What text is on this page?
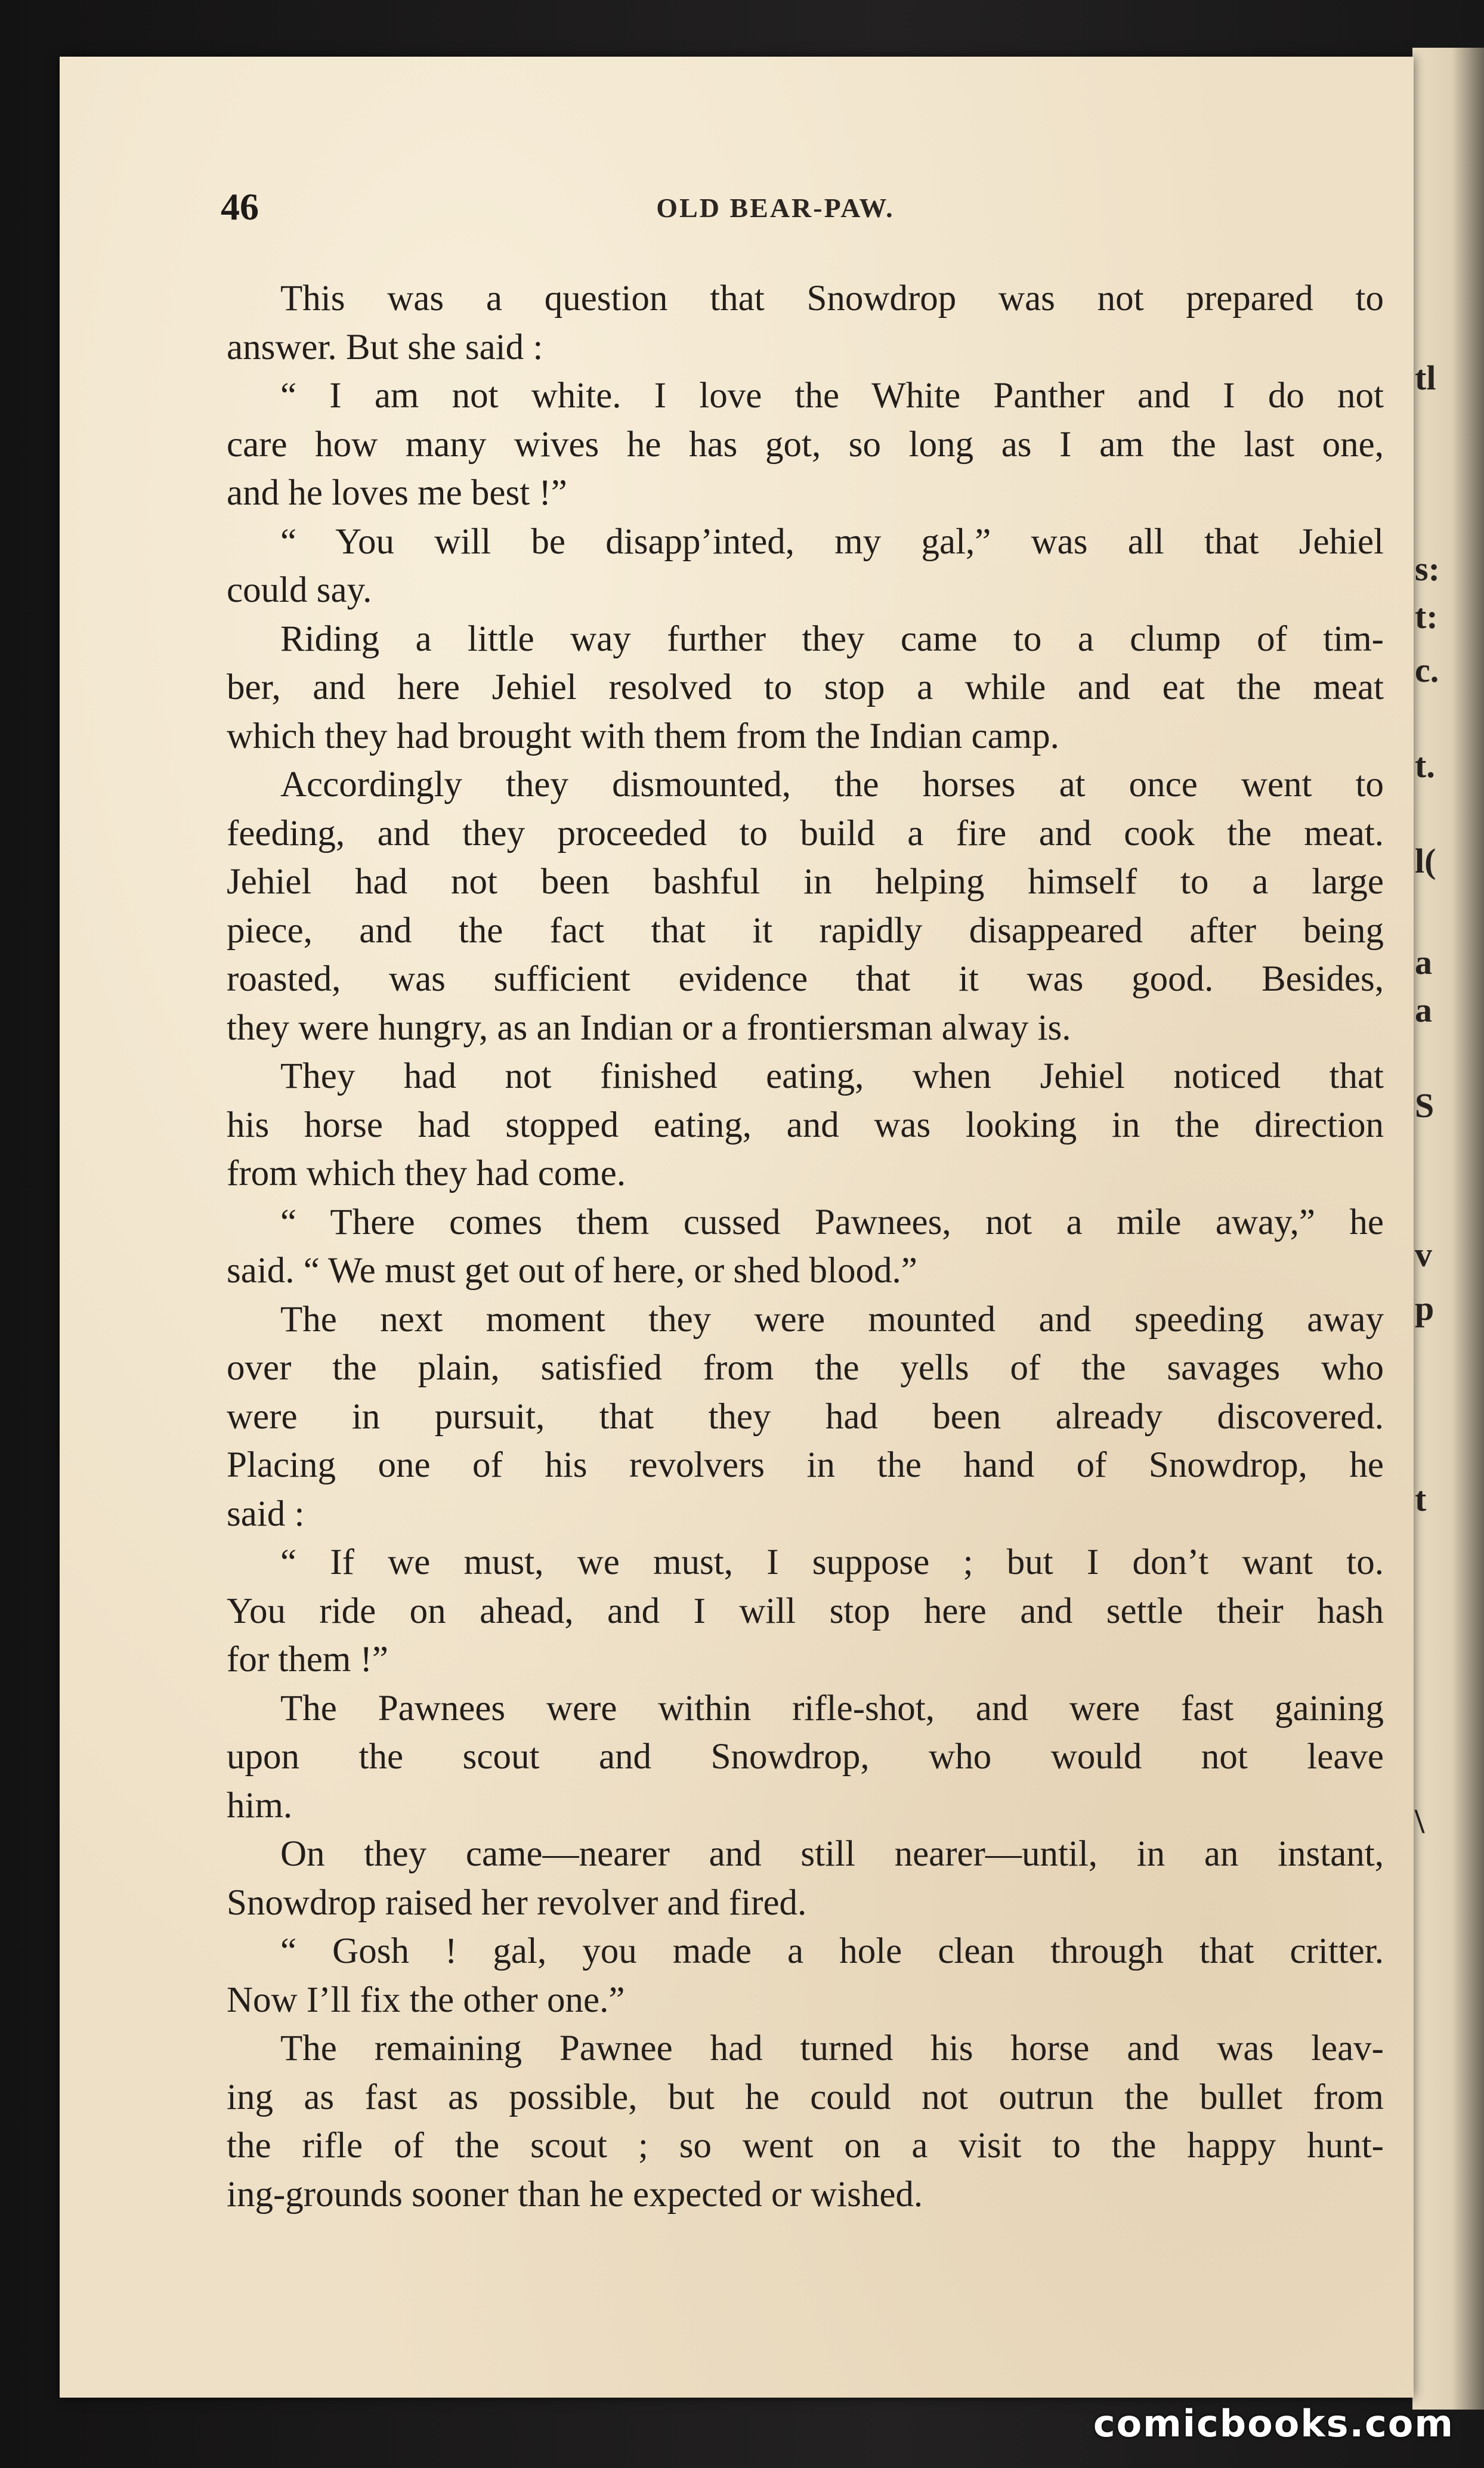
tl
s:
t:
c.
t.
l(
a
a
S
v
p
t
\
46	OLD BEAR-PAW.
This was a question that Snowdrop was not prepared to
answer. But she said :
“ I am not white. I love the White Panther and I do not
care how many wives he has got, so long as I am the last one,
and he loves me best !”
“ You will be disapp’inted, my gal,” was all that Jehiel
could say.
Riding a little way further they came to a clump of tim-
ber, and here Jehiel resolved to stop a while and eat the meat
which they had brought with them from the Indian camp.
Accordingly they dismounted, the horses at once went to
feeding, and they proceeded to build a fire and cook the meat.
Jehiel had not been bashful in helping himself to a large
piece, and the fact that it rapidly disappeared after being
roasted, was sufficient evidence that it was good. Besides,
they were hungry, as an Indian or a frontiersman alway is.
They had not finished eating, when Jehiel noticed that
his horse had stopped eating, and was looking in the direction
from which they had come.
“ There comes them cussed Pawnees, not a mile away,” he
said. “ We must get out of here, or shed blood.”
The next moment they were mounted and speeding away
over the plain, satisfied from the yells of the savages who
were in pursuit, that they had been already discovered.
Placing one of his revolvers in the hand of Snowdrop, he
said :
“ If we must, we must, I suppose ; but I don’t want to.
You ride on ahead, and I will stop here and settle their hash
for them !”
The Pawnees were within rifle-shot, and were fast gaining
upon the scout and Snowdrop, who would not leave
him.
On they came—nearer and still nearer—until, in an instant,
Snowdrop raised her revolver and fired.
“ Gosh ! gal, you made a hole clean through that critter.
Now I’ll fix the other one.”
The remaining Pawnee had turned his horse and was leav-
ing as fast as possible, but he could not outrun the bullet from
the rifle of the scout ; so went on a visit to the happy hunt-
ing-grounds sooner than he expected or wished.
comicbooks.com
